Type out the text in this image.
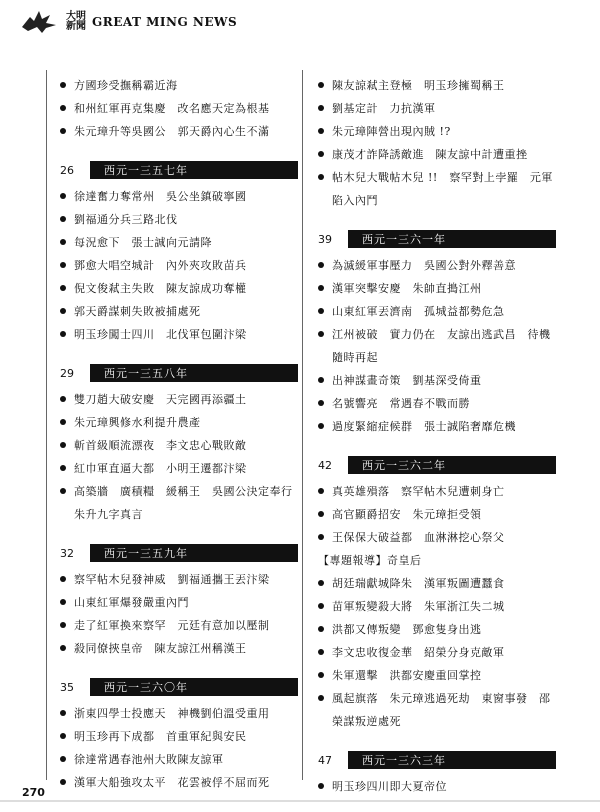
大明
新聞 GREAT MING NEWS
方國珍受撫稱霸近海
和州紅軍再克集慶　改名應天定為根基
朱元璋升等吳國公　郭天爵內心生不滿
26	西元一三五七年
徐達奮力奪常州　吳公坐鎮破寧國
劉福通分兵三路北伐
每況愈下　張士誠向元請降
鄧愈大唱空城計　內外夾攻敗苗兵
倪文俊弒主失敗　陳友諒成功奪權
郭天爵謀刺失敗被捕處死
明玉珍闖士四川　北伐軍包圍汴梁
29	西元一三五八年
雙刀趙大破安慶　天完國再添疆土
朱元璋興修水利提升農產
斬首級順流漂夜　李文忠心戰敗敵
紅巾軍直逼大都　小明王遷都汴梁
高築牆　廣積糧　緩稱王　吳國公決定奉行朱升九字真言
32	西元一三五九年
察罕帖木兒發神威　劉福通攜王丟汴梁
山東紅軍爆發嚴重內鬥
走了紅軍換來察罕　元廷有意加以壓制
殺同僚挾皇帝　陳友諒江州稱漢王
35	西元一三六〇年
浙東四學士投應天　神機劉伯溫受重用
明玉珍再下成都　首重軍紀與安民
徐達常遇春池州大敗陳友諒軍
漢軍大船強攻太平　花雲被俘不屈而死
陳友諒弒主登極　明玉珍擁蜀稱王
劉基定計　力抗漢軍
朱元璋陣營出現內賊 !?
康茂才詐降誘敵進　陳友諒中計遭重挫
帖木兒大戰帖木兒 !!　察罕對上孛羅　元軍陷入內鬥
39	西元一三六一年
為滅緩軍事壓力　吳國公對外釋善意
漢軍突擊安慶　朱帥直搗江州
山東紅軍丟濟南　孤城益都勢危急
江州被破　實力仍在　友諒出逃武昌　待機隨時再起
出神謀畫奇策　劉基深受倚重
名號響亮　常遇春不戰而勝
過度緊縮症候群　張士誠陷奢靡危機
42	西元一三六二年
真英雄殞落　察罕帖木兒遭刺身亡
高官顯爵招安　朱元璋拒受領
王保保大破益都　血淋淋挖心祭父
【專題報導】奇皇后
胡廷瑞獻城降朱　漢軍叛圖遭蠶食
苗軍叛變殺大將　朱軍浙江失二城
洪都又傳叛變　鄧愈隻身出逃
李文忠收復金華　紹榮分身克敵軍
朱軍還擊　洪都安慶重回掌控
風起旗落　朱元璋逃過死劫　東窗事發　邵榮謀叛逆處死
47	西元一三六三年
明玉珍四川即大夏帝位
270
